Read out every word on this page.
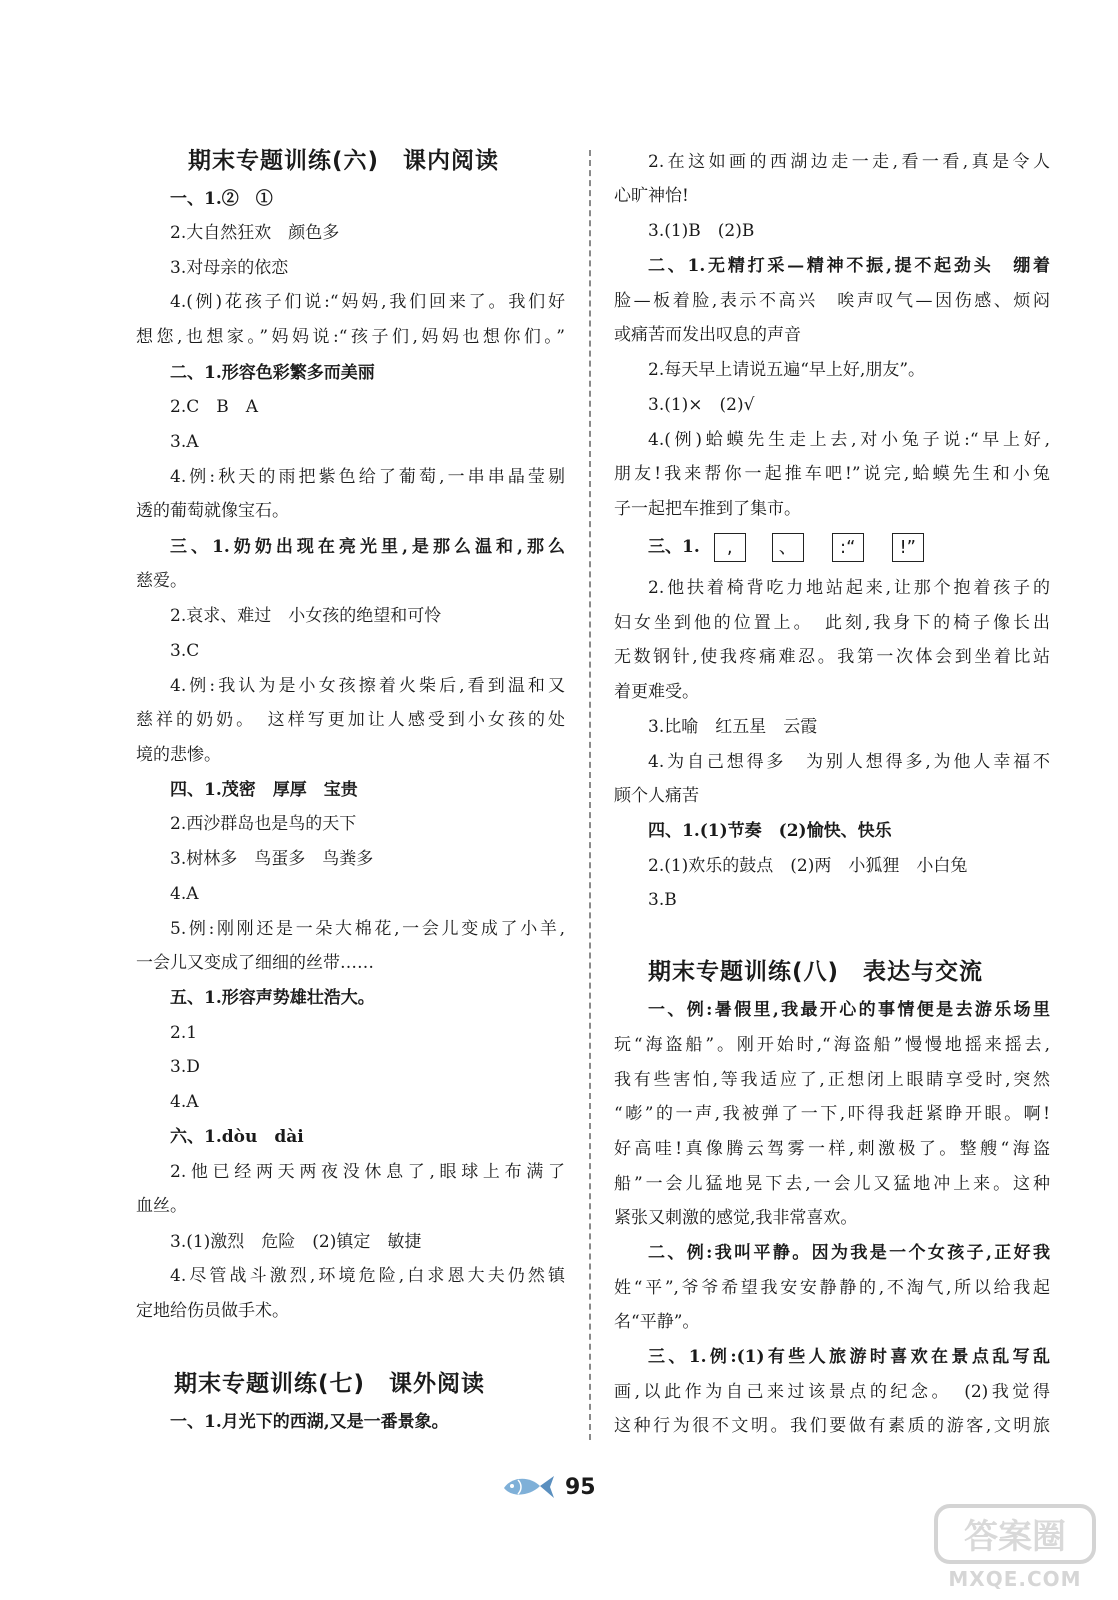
期末专题训练(六)　课内阅读
一、1.②　①
2.大自然狂欢　颜色多
3.对母亲的依恋
4.(例)花孩子们说:“妈妈,我们回来了。我们好
想您,也想家。”妈妈说:“孩子们,妈妈也想你们。”
二、1.形容色彩繁多而美丽
2.C　B　A
3.A
4.例:秋天的雨把紫色给了葡萄,一串串晶莹剔
透的葡萄就像宝石。
三、1.奶奶出现在亮光里,是那么温和,那么
慈爱。
2.哀求、难过　小女孩的绝望和可怜
3.C
4.例:我认为是小女孩擦着火柴后,看到温和又
慈祥的奶奶。　这样写更加让人感受到小女孩的处
境的悲惨。
四、1.茂密　厚厚　宝贵
2.西沙群岛也是鸟的天下
3.树林多　鸟蛋多　鸟粪多
4.A
5.例:刚刚还是一朵大棉花,一会儿变成了小羊,
一会儿又变成了细细的丝带……
五、1.形容声势雄壮浩大。
2.1
3.D
4.A
六、1.dòu　dài
2.他已经两天两夜没休息了,眼球上布满了
血丝。
3.(1)激烈　危险　(2)镇定　敏捷
4.尽管战斗激烈,环境危险,白求恩大夫仍然镇
定地给伤员做手术。
期末专题训练(七)　课外阅读
一、1.月光下的西湖,又是一番景象。
2.在这如画的西湖边走一走,看一看,真是令人
心旷神怡!
3.(1)B　(2)B
二、1.无精打采—精神不振,提不起劲头　绷着
脸—板着脸,表示不高兴　唉声叹气—因伤感、烦闷
或痛苦而发出叹息的声音
2.每天早上请说五遍“早上好,朋友”。
3.(1)×　(2)√
4.(例)蛤蟆先生走上去,对小兔子说:“早上好,
朋友!我来帮你一起推车吧!”说完,蛤蟆先生和小兔
子一起把车推到了集市。
三、1. ,	、 :“ !”
2.他扶着椅背吃力地站起来,让那个抱着孩子的
妇女坐到他的位置上。　此刻,我身下的椅子像长出
无数钢针,使我疼痛难忍。我第一次体会到坐着比站
着更难受。
3.比喻　红五星　云霞
4.为自己想得多　为别人想得多,为他人幸福不
顾个人痛苦
四、1.(1)节奏　(2)愉快、快乐
2.(1)欢乐的鼓点　(2)两　小狐狸　小白兔
3.B
期末专题训练(八)　表达与交流
一、例:暑假里,我最开心的事情便是去游乐场里
玩“海盗船”。刚开始时,“海盗船”慢慢地摇来摇去,
我有些害怕,等我适应了,正想闭上眼睛享受时,突然
“嘭”的一声,我被弹了一下,吓得我赶紧睁开眼。啊!
好高哇!真像腾云驾雾一样,刺激极了。整艘“海盗
船”一会儿猛地晃下去,一会儿又猛地冲上来。这种
紧张又刺激的感觉,我非常喜欢。
二、例:我叫平静。因为我是一个女孩子,正好我
姓“平”,爷爷希望我安安静静的,不淘气,所以给我起
名“平静”。
三、1.例:(1)有些人旅游时喜欢在景点乱写乱
画,以此作为自己来过该景点的纪念。　(2)我觉得
这种行为很不文明。我们要做有素质的游客,文明旅
95
答案圈
MXQE.COM
